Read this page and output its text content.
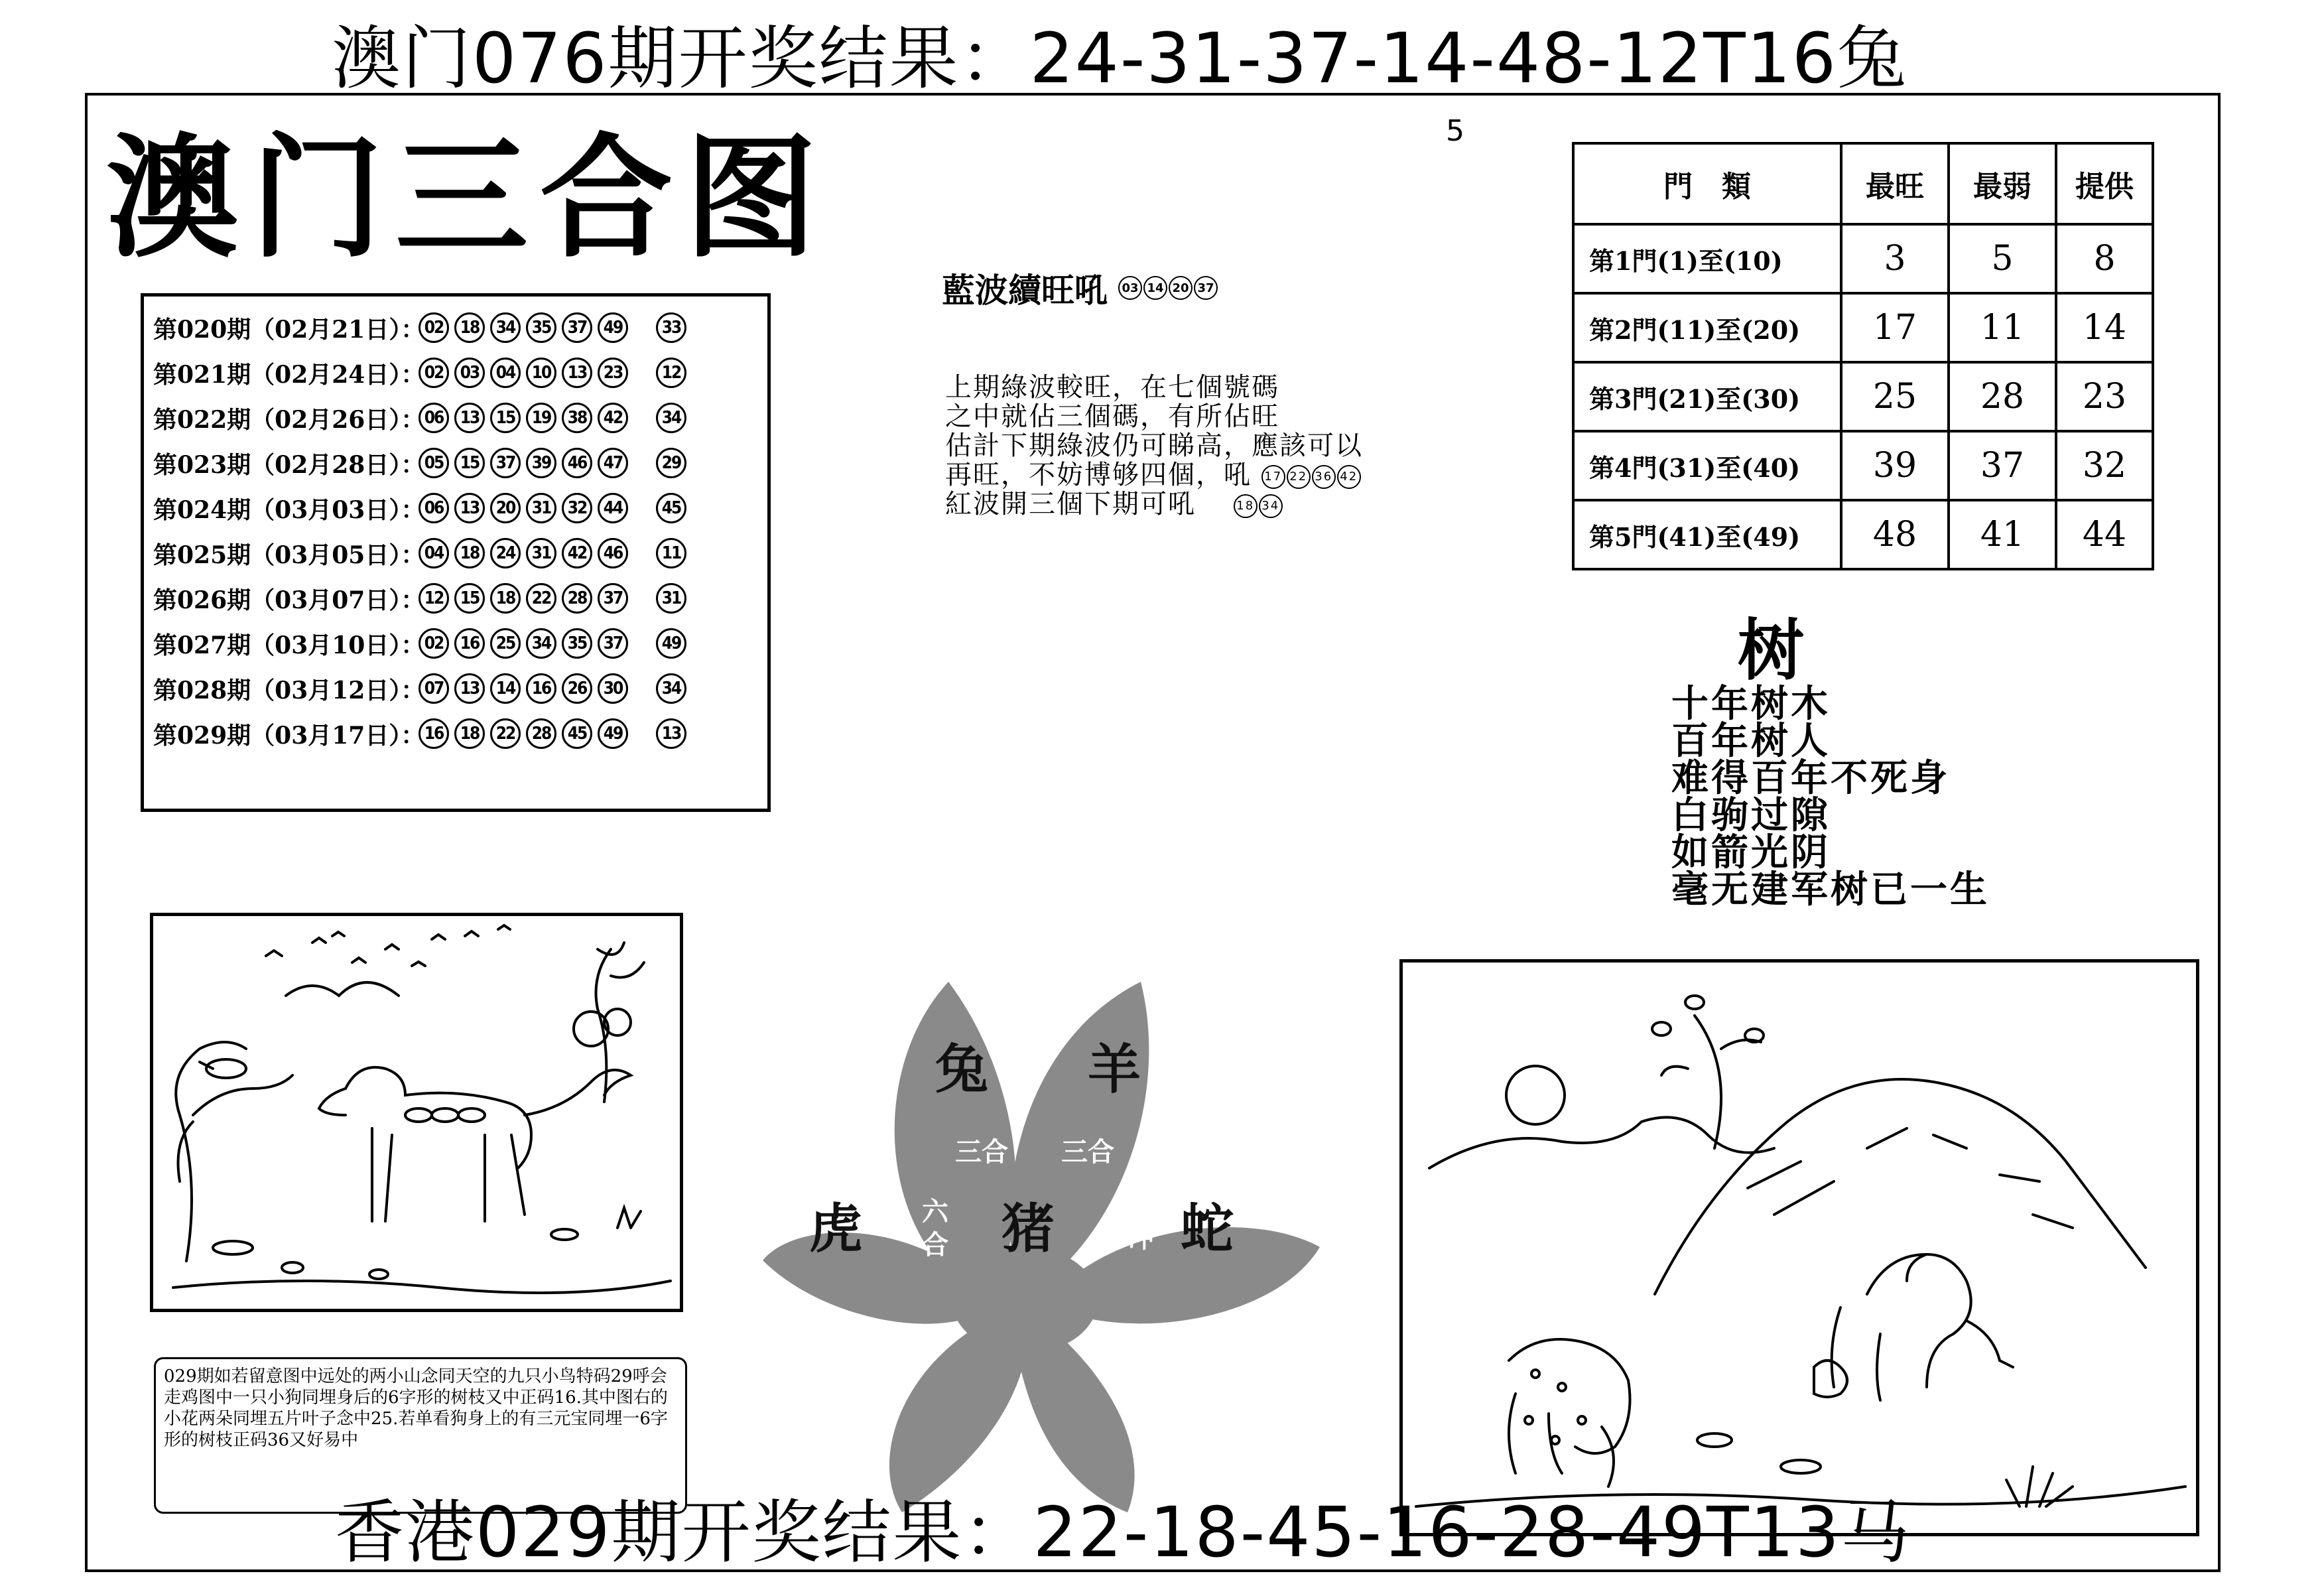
澳门076期开奖结果：24-31-37-14-48-12T16兔
5
澳门三合图
第020期（02月21日）： 02 18 34 35 37 49	33
第021期（02月24日）： 02 03 04 10 13 23	12
第022期（02月26日）： 06 13 15 19 38 42	34
第023期（02月28日）： 05 15 37 39 46 47	29
第024期（03月03日）： 06 13 20 31 32 44	45
第025期（03月05日）： 04 18 24 31 42 46	11
第026期（03月07日）： 12 15 18 22 28 37	31
第027期（03月10日）： 02 16 25 34 35 37	49
第028期（03月12日）： 07 13 14 16 26 30	34
第029期（03月17日）： 16 18 22 28 45 49	13
藍波續旺吼	03 14 20 37
上期綠波較旺，在七個號碼
之中就佔三個碼，有所佔旺
估計下期綠波仍可睇高，應該可以
再旺，不妨博够四個，吼 17 22 36 42
紅波開三個下期可吼　	18 34
門　類	最旺	最弱	提供
第1門(1)至(10)	3	5	8
第2門(11)至(20)	17	11	14
第3門(21)至(30)	25	28	23
第4門(31)至(40)	39	37	32
第5門(41)至(49)	48	41	44
树
十年树木
百年树人
难得百年不死身
白驹过隙
如箭光阴
毫无建军树已一生
兔 羊
虎	猪 蛇
三合 三合
六
合	冲
029期如若留意图中远处的两小山念同天空的九只小鸟特码29呼会走鸡图中一只小狗同埋身后的6字形的树枝又中正码16.其中图右的小花两朵同埋五片叶子念中25.若单看狗身上的有三元宝同埋一6字形的树枝正码36又好易中
香港029期开奖结果：22-18-45-16-28-49T13马
